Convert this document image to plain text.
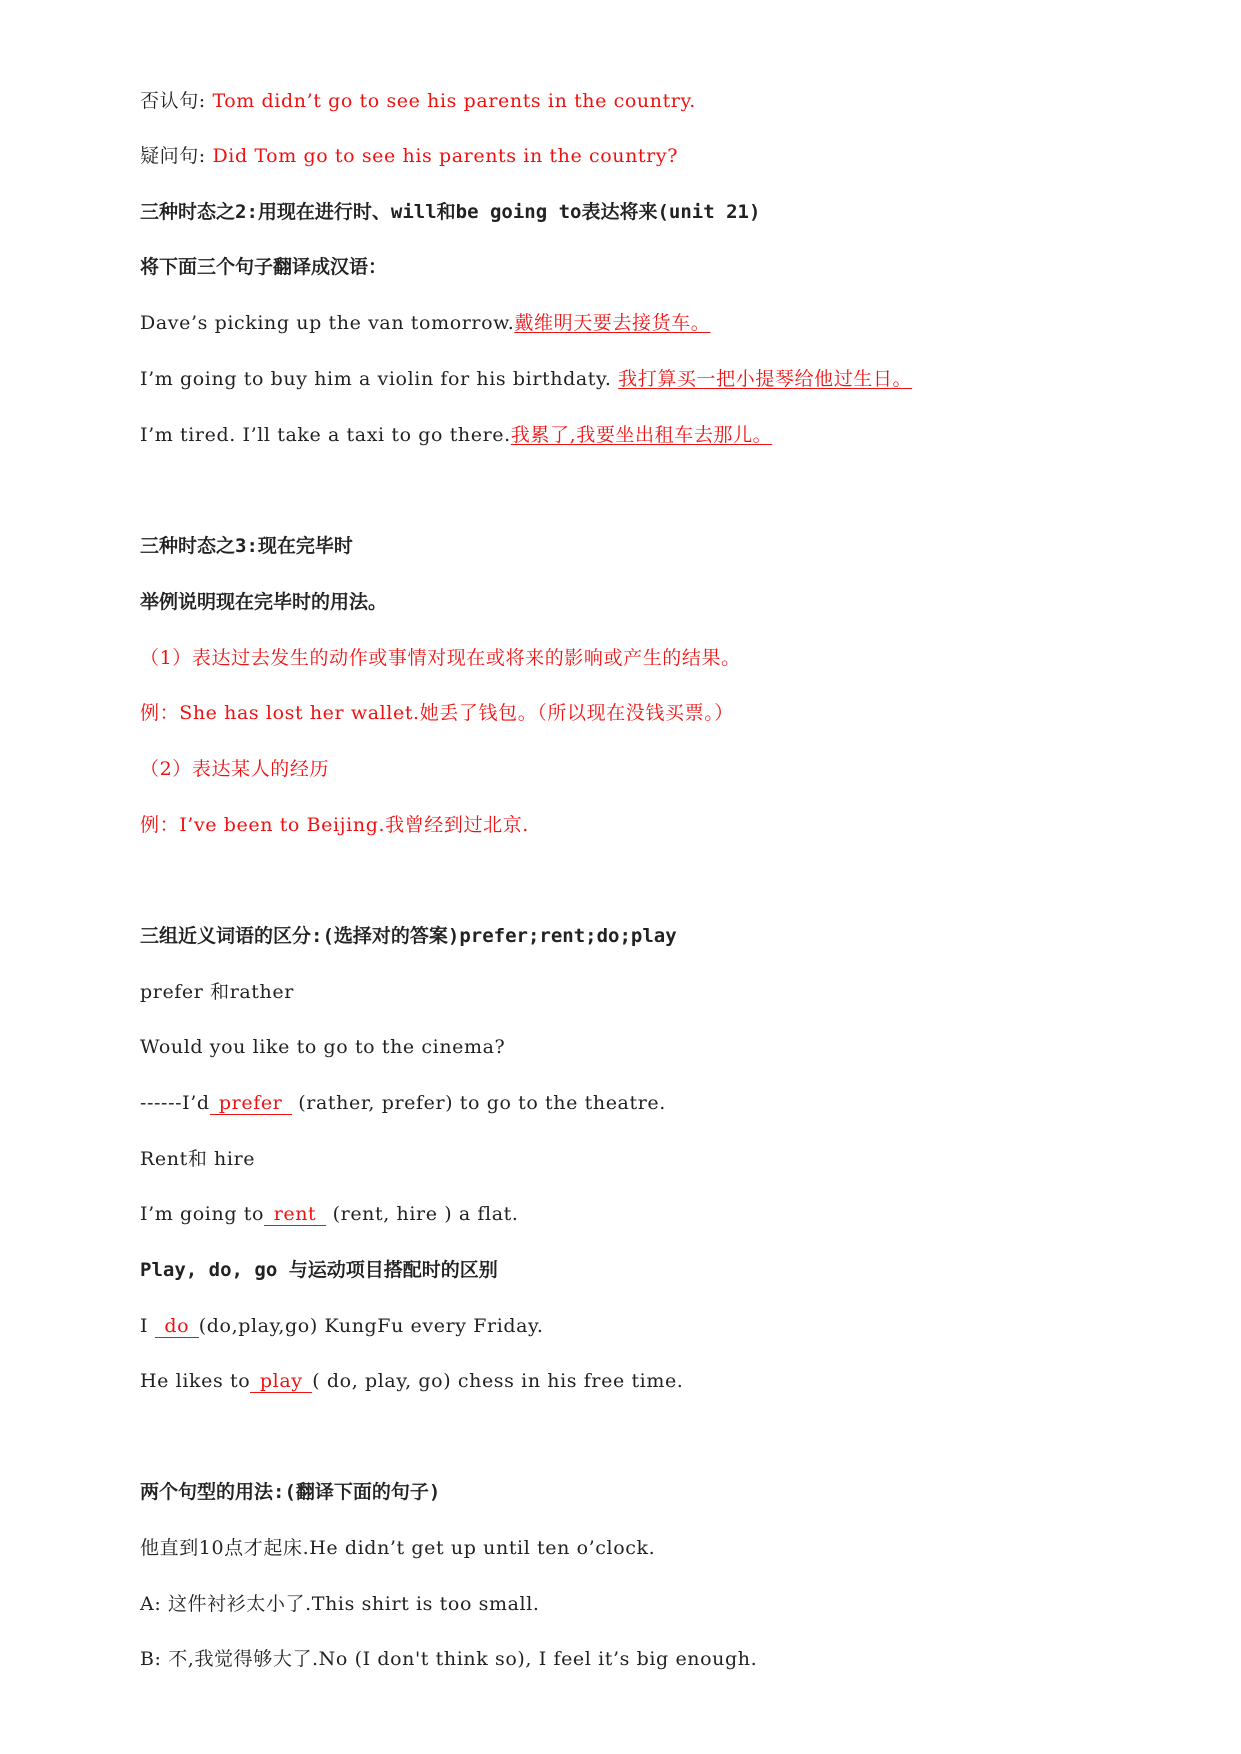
否认句: Tom didn’t go to see his parents in the country.
疑问句: Did Tom go to see his parents in the country?
三种时态之2:用现在进行时、will和be going to表达将来(unit 21)
将下面三个句子翻译成汉语：
Dave’s picking up the van tomorrow.戴维明天要去接货车。
I’m going to buy him a violin for his birthdaty. 我打算买一把小提琴给他过生日。
I’m tired. I’ll take a taxi to go there.我累了,我要坐出租车去那儿。
三种时态之3:现在完毕时
举例说明现在完毕时的用法。
（1）表达过去发生的动作或事情对现在或将来的影响或产生的结果。
例：She has lost her wallet.她丢了钱包。（所以现在没钱买票。）
（2）表达某人的经历
例：I’ve been to Beijing.我曾经到过北京.
三组近义词语的区分:(选择对的答案)prefer;rent;do;play
prefer 和rather
Would you like to go to the cinema?
------I’d prefer (rather, prefer) to go to the theatre.
Rent和 hire
I’m going to rent (rent, hire ) a flat.
Play, do, go 与运动项目搭配时的区别
I do (do,play,go) KungFu every Friday.
He likes to play ( do, play, go) chess in his free time.
两个句型的用法:(翻译下面的句子)
他直到10点才起床.He didn’t get up until ten o’clock.
A: 这件衬衫太小了.This shirt is too small.
B: 不,我觉得够大了.No (I don't think so), I feel it’s big enough.
